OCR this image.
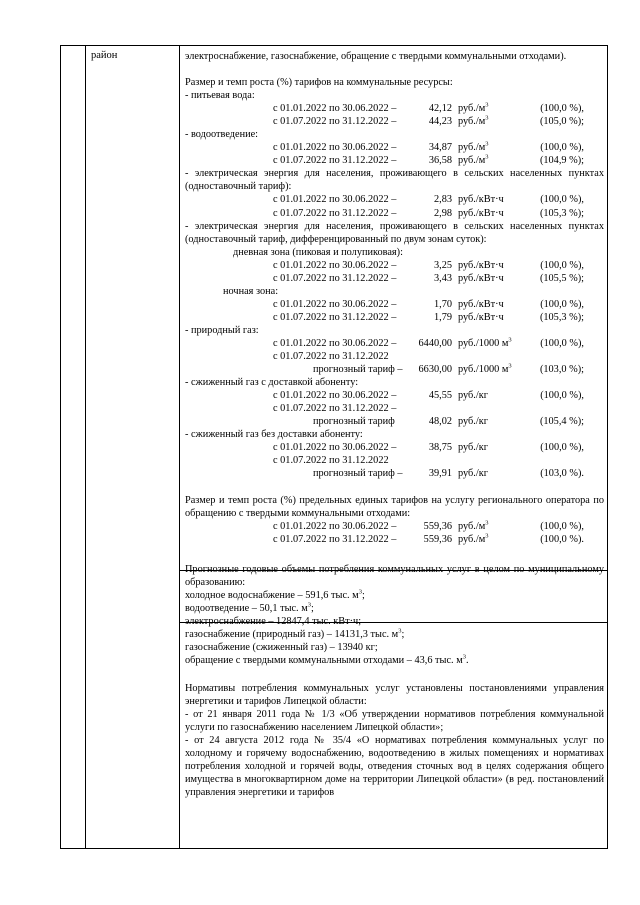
район	электроснабжение, газоснабжение, обращение с твердыми коммунальными отходами).

Размер и темп роста (%) тарифов на коммунальные ресурсы:

- питьевая вода:
с 01.01.2022 по 30.06.2022 –	42,12 $руб./м^3$	(100,0 %),
с 01.07.2022 по 31.12.2022 –	44,23 $руб./м^3$	(105,0 %);
- водоотведение:
с 01.01.2022 по 30.06.2022 –	34,87 $руб./м^3$	(100,0 %),
с 01.07.2022 по 31.12.2022 –	36,58 $руб./м^3$	(104,9 %);

- электрическая энергия для населения, проживающего в сельских населенных пунктах (одноставочный тариф):

с 01.01.2022 по 30.06.2022 –	2,83 руб./кВт·ч	(100,0 %),
с 01.07.2022 по 31.12.2022 –	2,98 руб./кВт·ч	(105,3 %);

- электрическая энергия для населения, проживающего в сельских населенных пунктах (одноставочный тариф, дифференцированный по двум зонам суток):

дневная зона (пиковая и полупиковая):
с 01.01.2022 по 30.06.2022 –	3,25 руб./кВт·ч	(100,0 %),
с 01.07.2022 по 31.12.2022 –	3,43 руб./кВт·ч	(105,5 %);
ночная зона:
с 01.01.2022 по 30.06.2022 –	1,70 руб./кВт·ч	(100,0 %),
с 01.07.2022 по 31.12.2022 –	1,79 руб./кВт·ч	(105,3 %);
- природный газ:
с 01.01.2022 по 30.06.2022 –	6440,00 руб./1000 $м^3$	(100,0 %),
с 01.07.2022 по 31.12.2022
прогнозный тариф –	6630,00 руб./1000 $м^3$	(103,0 %);
- сжиженный газ с доставкой абоненту:
с 01.01.2022 по 30.06.2022 –	45,55 руб./кг	(100,0 %),
с 01.07.2022 по 31.12.2022 –
прогнозный тариф	48,02 руб./кг	(105,4 %);
- сжиженный газ без доставки абоненту:
с 01.01.2022 по 30.06.2022 –	38,75 руб./кг	(100,0 %),
с 01.07.2022 по 31.12.2022
прогнозный тариф –	39,91 руб./кг	(103,0 %).

Размер и темп роста (%) предельных единых тарифов на услугу регионального оператора по обращению с твердыми коммунальными отходами:

с 01.01.2022 по 30.06.2022 –	559,36 $руб./м^3$	(100,0 %),
с 01.07.2022 по 31.12.2022 –	559,36 $руб./м^3$	(100,0 %).

Прогнозные годовые объемы потребления коммунальных услуг в целом по муниципальному образованию:

холодное водоснабжение – 591,6 тыс. $м^3$;
водоотведение – 50,1 тыс. $м^3$;
электроснабжение – 12847,4 тыс. кВт·ч;
газоснабжение (природный газ) – 14131,3 тыс. $м^3$;
газоснабжение (сжиженный газ) – 13940 кг;
обращение с твердыми коммунальными отходами – 43,6 тыс. $м^3$.

Нормативы потребления коммунальных услуг установлены постановлениями управления энергетики и тарифов Липецкой области:

- от 21 января 2011 года № 1/3 «Об утверждении нормативов потребления коммунальной услуги по газоснабжению населением Липецкой области»;

- от 24 августа 2012 года № 35/4 «О нормативах потребления коммунальных услуг по холодному и горячему водоснабжению, водоотведению в жилых помещениях и нормативах потребления холодной и горячей воды, отведения сточных вод в целях содержания общего имущества в многоквартирном доме на территории Липецкой области» (в ред. постановлений управления энергетики и тарифов
